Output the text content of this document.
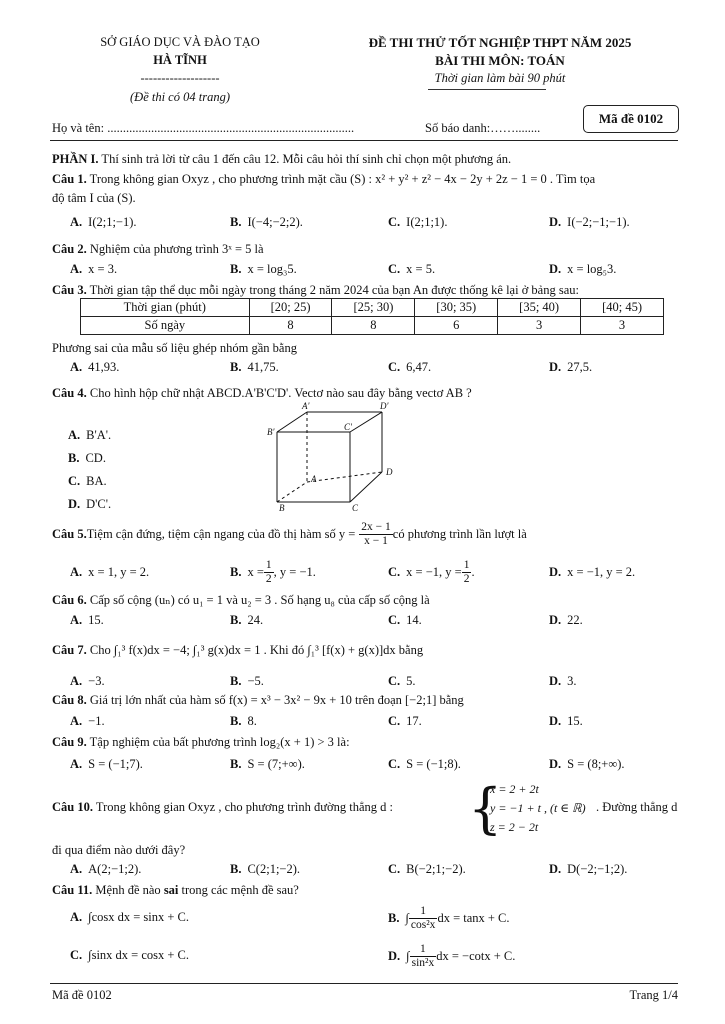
SỞ GIÁO DỤC VÀ ĐÀO TẠO
HÀ TĨNH
-------------------
(Đề thi có 04 trang)
ĐỀ THI THỬ TỐT NGHIỆP THPT NĂM 2025
BÀI THI MÔN: TOÁN
Thời gian làm bài 90 phút
Mã đề 0102
Họ và tên: ...............................................................................	Số báo danh:……........
PHẦN I. Thí sinh trả lời từ câu 1 đến câu 12. Mỗi câu hỏi thí sinh chỉ chọn một phương án.
Câu 1. Trong không gian Oxyz , cho phương trình mặt cầu (S) : x² + y² + z² − 4x − 2y + 2z − 1 = 0 . Tìm tọa
độ tâm I của (S).
A. I(2;1;−1).	B. I(−4;−2;2).	C. I(2;1;1).	D. I(−2;−1;−1).
Câu 2. Nghiệm của phương trình 3ˣ = 5 là
A. x = 3.	B. x = log₃5.	C. x = 5.	D. x = log₅3.
Câu 3. Thời gian tập thể dục mỗi ngày trong tháng 2 năm 2024 của bạn An được thống kê lại ở bảng sau:
Thời gian (phút)	[20; 25)	[25; 30)	[30; 35)	[35; 40)	[40; 45)
Số ngày	8	8	6	3	3
Phương sai của mẫu số liệu ghép nhóm gần bằng
A. 41,93.	B. 41,75.	C. 6,47.	D. 27,5.
Câu 4. Cho hình hộp chữ nhật ABCD.A'B'C'D'. Vectơ nào sau đây bằng vectơ AB ?
A. B'A'.
B. CD.
C. BA.
D. D'C'.
A'	D'
B'	C'
A
D
B	C
Câu 5. Tiệm cận đứng, tiệm cận ngang của đồ thị hàm số $y = \frac{2x - 1}{x - 1}$ có phương trình lần lượt là
A. x = 1, y = 2.	B. $x = \frac{1}{2}$ , y = −1.	C. x = −1, $y = \frac{1}{2}$ .	D. x = −1, y = 2.
Câu 6. Cấp số cộng (uₙ) có u₁ = 1 và u₂ = 3 . Số hạng u₈ của cấp số cộng là
A. 15.	B. 24.	C. 14.	D. 22.
Câu 7. Cho ∫₁³ f(x)dx = −4; ∫₁³ g(x)dx = 1 . Khi đó ∫₁³ [f(x) + g(x)]dx bằng
A. −3.	B. −5.	C. 5.	D. 3.
Câu 8. Giá trị lớn nhất của hàm số f(x) = x³ − 3x² − 9x + 10 trên đoạn [−2;1] bằng
A. −1.	B. 8.	C. 17.	D. 15.
Câu 9. Tập nghiệm của bất phương trình log₂(x + 1) > 3 là:
A. S = (−1;7).	B. S = (7;+∞).	C. S = (−1;8).	D. S = (8;+∞).
Câu 10. Trong không gian Oxyz , cho phương trình đường thẳng d : {
x = 2 + 2t
y = −1 + t , (t ∈ ℝ)
z = 2 − 2t
. Đường thẳng d
đi qua điểm nào dưới đây?
A. A(2;−1;2).	B. C(2;1;−2).	C. B(−2;1;−2).	D. D(−2;−1;2).
Câu 11. Mệnh đề nào sai trong các mệnh đề sau?
A. ∫cosx dx = sinx + C.	B. ∫ $\frac{1}{\text{cos²x}}$ dx = tanx + C.
C. ∫sinx dx = cosx + C.	D. ∫ $\frac{1}{\text{sin²x}}$ dx = −cotx + C.
Mã đề 0102	Trang 1/4
